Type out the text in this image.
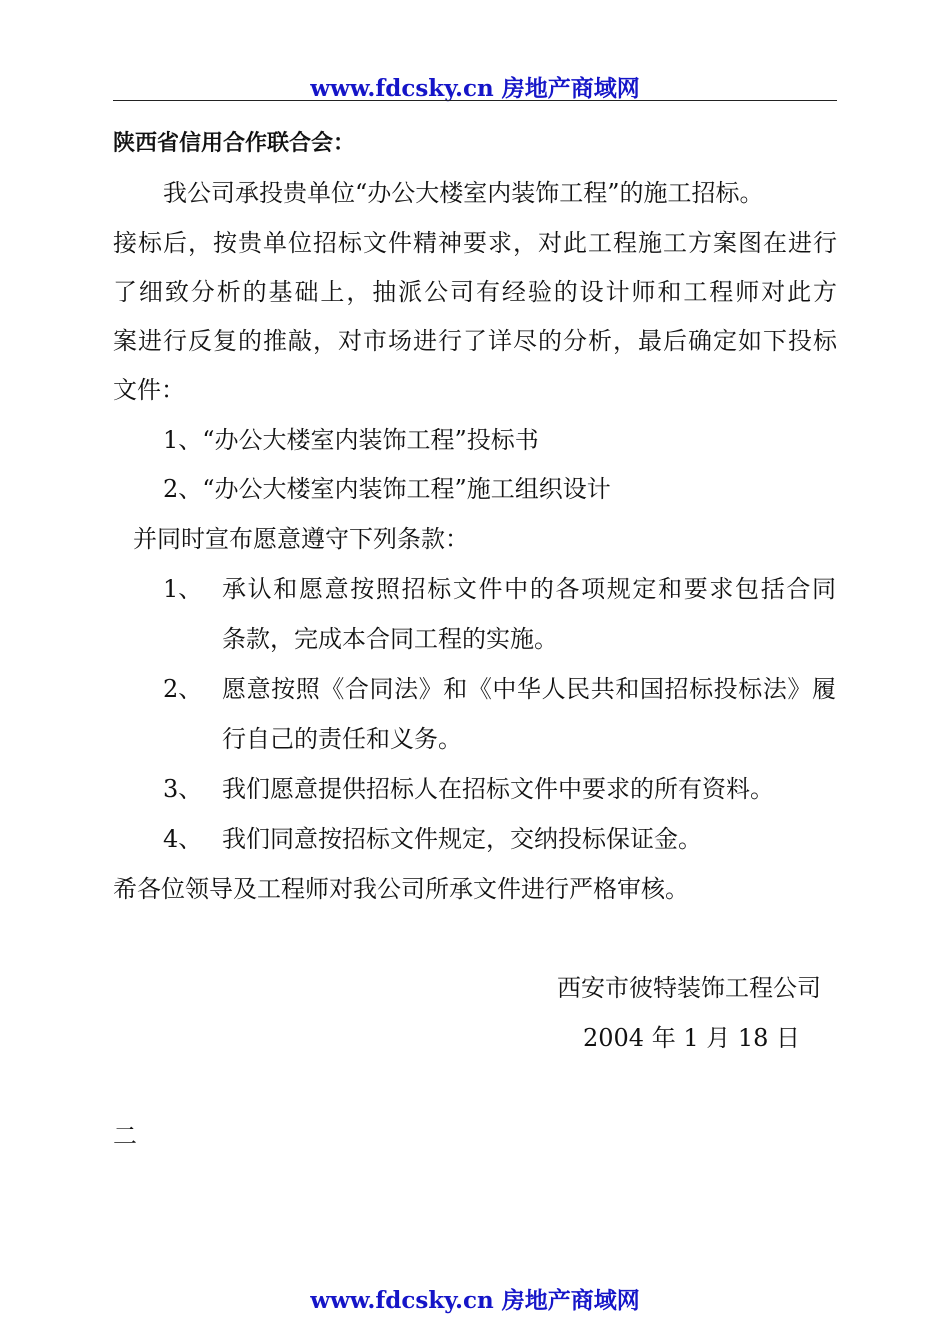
www.fdcsky.cn 房地产商域网
陕西省信用合作联合会：
我公司承投贵单位“办公大楼室内装饰工程”的施工招标。
接标后，按贵单位招标文件精神要求，对此工程施工方案图在进行
了细致分析的基础上，抽派公司有经验的设计师和工程师对此方
案进行反复的推敲，对市场进行了详尽的分析，最后确定如下投标
文件：
1、“办公大楼室内装饰工程”投标书
2、“办公大楼室内装饰工程”施工组织设计
并同时宣布愿意遵守下列条款：
1、 承认和愿意按照招标文件中的各项规定和要求包括合同
条款，完成本合同工程的实施。
2、 愿意按照《合同法》和《中华人民共和国招标投标法》履
行自己的责任和义务。
3、 我们愿意提供招标人在招标文件中要求的所有资料。
4、 我们同意按招标文件规定，交纳投标保证金。
希各位领导及工程师对我公司所承文件进行严格审核。
西安市彼特装饰工程公司
2004 年 1 月 18 日
二
www.fdcsky.cn 房地产商域网
